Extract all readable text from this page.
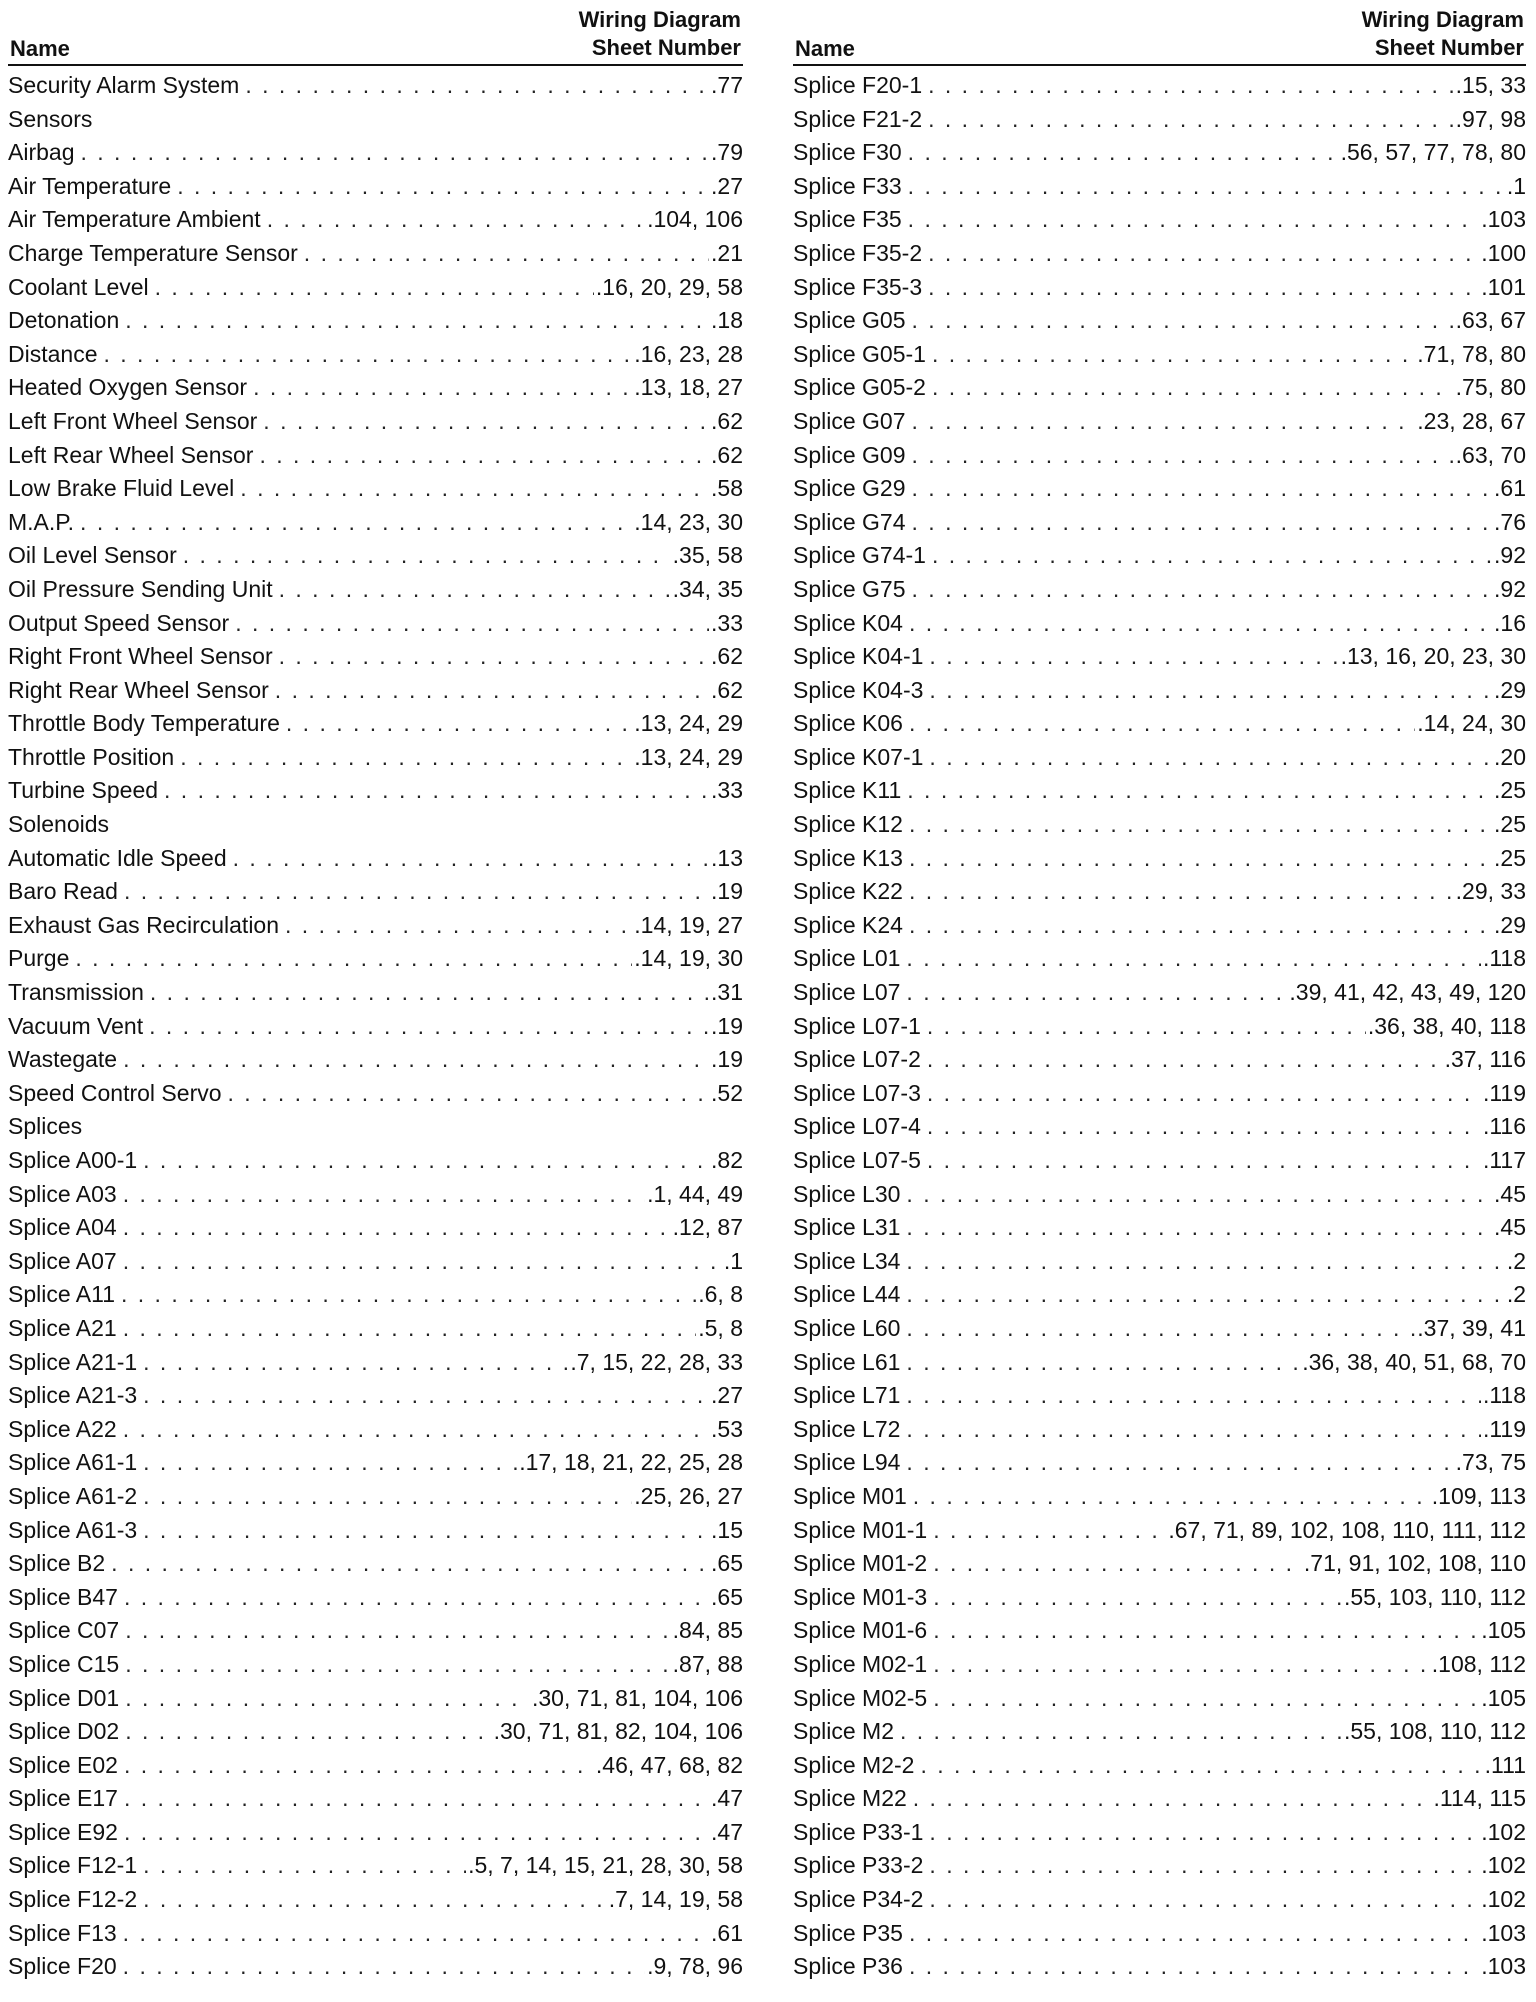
Name
Wiring Diagram
Sheet Number
Security Alarm System . . .	.77
Sensors
Airbag . . .	.79
Air Temperature . . .	.27
Air Temperature Ambient . . .	.104, 106
Charge Temperature Sensor . . .	.21
Coolant Level . . .	.16, 20, 29, 58
Detonation . . .	.18
Distance . . .	.16, 23, 28
Heated Oxygen Sensor . . .	.13, 18, 27
Left Front Wheel Sensor . . .	.62
Left Rear Wheel Sensor . . .	.62
Low Brake Fluid Level . . .	.58
M.A.P. . . .	.14, 23, 30
Oil Level Sensor . . .	.35, 58
Oil Pressure Sending Unit . . .	.34, 35
Output Speed Sensor . . .	.33
Right Front Wheel Sensor . . .	.62
Right Rear Wheel Sensor . . .	.62
Throttle Body Temperature . . .	.13, 24, 29
Throttle Position . . .	.13, 24, 29
Turbine Speed . . .	.33
Solenoids
Automatic Idle Speed . . .	.13
Baro Read . . .	.19
Exhaust Gas Recirculation . . .	.14, 19, 27
Purge . . .	.14, 19, 30
Transmission . . .	.31
Vacuum Vent . . .	.19
Wastegate . . .	.19
Speed Control Servo . . .	.52
Splices
Splice A00-1 . . .	.82
Splice A03 . . .	.1, 44, 49
Splice A04 . . .	.12, 87
Splice A07 . . .	.1
Splice A11 . . .	.6, 8
Splice A21 . . .	.5, 8
Splice A21-1 . . .	.7, 15, 22, 28, 33
Splice A21-3 . . .	.27
Splice A22 . . .	.53
Splice A61-1 . . .	.17, 18, 21, 22, 25, 28
Splice A61-2 . . .	.25, 26, 27
Splice A61-3 . . .	.15
Splice B2 . . .	.65
Splice B47 . . .	.65
Splice C07 . . .	.84, 85
Splice C15 . . .	.87, 88
Splice D01 . . .	.30, 71, 81, 104, 106
Splice D02 . . .	.30, 71, 81, 82, 104, 106
Splice E02 . . .	.46, 47, 68, 82
Splice E17 . . .	.47
Splice E92 . . .	.47
Splice F12-1 . . .	.5, 7, 14, 15, 21, 28, 30, 58
Splice F12-2 . . .	.7, 14, 19, 58
Splice F13 . . .	.61
Splice F20 . . .	.9, 78, 96
Name
Wiring Diagram
Sheet Number
Splice F20-1 . . .	.15, 33
Splice F21-2 . . .	.97, 98
Splice F30 . . .	.56, 57, 77, 78, 80
Splice F33 . . .	.1
Splice F35 . . .	.103
Splice F35-2 . . .	.100
Splice F35-3 . . .	.101
Splice G05 . . .	.63, 67
Splice G05-1 . . .	.71, 78, 80
Splice G05-2 . . .	.75, 80
Splice G07 . . .	.23, 28, 67
Splice G09 . . .	.63, 70
Splice G29 . . .	.61
Splice G74 . . .	.76
Splice G74-1 . . .	.92
Splice G75 . . .	.92
Splice K04 . . .	.16
Splice K04-1 . . .	.13, 16, 20, 23, 30
Splice K04-3 . . .	.29
Splice K06 . . .	.14, 24, 30
Splice K07-1 . . .	.20
Splice K11 . . .	.25
Splice K12 . . .	.25
Splice K13 . . .	.25
Splice K22 . . .	.29, 33
Splice K24 . . .	.29
Splice L01 . . .	.118
Splice L07 . . .	.39, 41, 42, 43, 49, 120
Splice L07-1 . . .	.36, 38, 40, 118
Splice L07-2 . . .	.37, 116
Splice L07-3 . . .	.119
Splice L07-4 . . .	.116
Splice L07-5 . . .	.117
Splice L30 . . .	.45
Splice L31 . . .	.45
Splice L34 . . .	.2
Splice L44 . . .	.2
Splice L60 . . .	.37, 39, 41
Splice L61 . . .	.36, 38, 40, 51, 68, 70
Splice L71 . . .	.118
Splice L72 . . .	.119
Splice L94 . . .	.73, 75
Splice M01 . . .	.109, 113
Splice M01-1 . . .	.67, 71, 89, 102, 108, 110, 111, 112
Splice M01-2 . . .	.71, 91, 102, 108, 110
Splice M01-3 . . .	.55, 103, 110, 112
Splice M01-6 . . .	.105
Splice M02-1 . . .	.108, 112
Splice M02-5 . . .	.105
Splice M2 . . .	.55, 108, 110, 112
Splice M2-2 . . .	.111
Splice M22 . . .	.114, 115
Splice P33-1 . . .	.102
Splice P33-2 . . .	.102
Splice P34-2 . . .	.102
Splice P35 . . .	.103
Splice P36 . . .	.103
